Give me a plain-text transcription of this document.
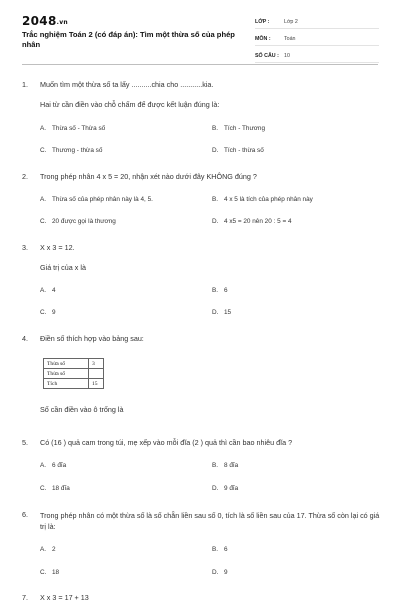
2048.vn
Trắc nghiệm Toán 2 (có đáp án): Tìm một thừa số của phép nhân
LỚP :	Lớp 2
MÔN :	Toán
SỐ CÂU : 10
1. Muốn tìm một thừa số ta lấy ..........chia cho ...........kia.
Hai từ cần điền vào chỗ chấm để được kết luận đúng là:
A. Thừa số - Thừa số	B. Tích - Thương
C. Thương - thừa số	D. Tích - thừa số
2. Trong phép nhân 4 x 5 = 20, nhận xét nào dưới đây KHÔNG đúng ?
A. Thừa số của phép nhân này là 4, 5.	B. 4 x 5 là tích của phép nhân này
C. 20 được gọi là thương	D. 4 x5 = 20 nên 20 : 5 = 4
3. X x 3 = 12.
Giá trị của x là
A. 4	B. 6
C. 9	D. 15
4. Điền số thích hợp vào bảng sau:
Thừa số	3
Thừa số	
Tích	15
Số cần điền vào ô trống là
5. Có (16 ) quả cam trong túi, mẹ xếp vào mỗi đĩa (2 ) quả thì cần bao nhiêu đĩa ?
A. 6 đĩa	B. 8 đĩa
C. 18 đĩa	D. 9 đĩa
6. Trong phép nhân có một thừa số là số chẵn liền sau số 0, tích là số liền sau của 17. Thừa số còn lại có giá trị là:
A. 2	B. 6
C. 18	D. 9
7. X x 3 = 17 + 13
